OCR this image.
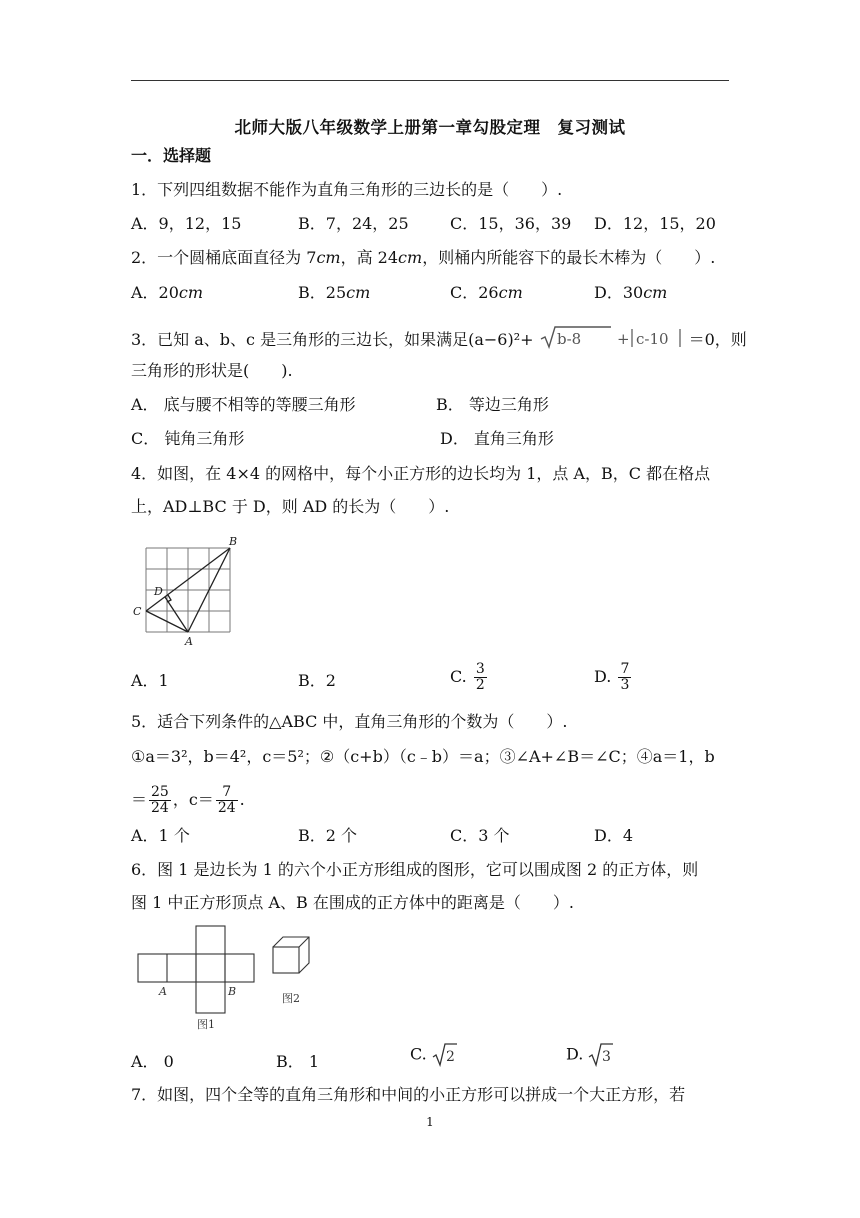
北师大版八年级数学上册第一章勾股定理　复习测试
一．选择题
1．下列四组数据不能作为直角三角形的三边长的是（　　）.
A．9，12，15	B．7，24，25	C．15，36，39 D．12，15，20
2．一个圆桶底面直径为 7cm，高 24cm，则桶内所能容下的最长木棒为（　　）.
A．20cm	B．25cm	C．26cm	D．30cm
3．已知 a、b、c 是三角形的三边长，如果满足(a−6)²+ b-8 + c-10 ＝0，则
三角形的形状是(　　).
A． 底与腰不相等的等腰三角形	B． 等边三角形
C． 钝角三角形	D． 直角三角形
4．如图，在 4×4 的网格中，每个小正方形的边长均为 1，点 A，B，C 都在格点
上，AD⊥BC 于 D，则 AD 的长为（　　）.
B
C
D
A
A．1	B．2	C. $\frac{3}{2}$	D. $\frac{7}{3}$
5．适合下列条件的△ABC 中，直角三角形的个数为（　　）.
①a＝3²，b＝4²，c＝5²；②（c+b）（c﹣b）＝a；③∠A+∠B＝∠C；④a＝1，b
＝ $\frac{25}{24}$ ，$c= \frac{7}{24}$ .
A．1 个	B．2 个	C．3 个	D．4
6．图 1 是边长为 1 的六个小正方形组成的图形，它可以围成图 2 的正方体，则
图 1 中正方形顶点 A、B 在围成的正方体中的距离是（　　）.
A	B
图1
图2
A． 0	B． 1	C. 2	D. 3
7．如图，四个全等的直角三角形和中间的小正方形可以拼成一个大正方形，若
1
